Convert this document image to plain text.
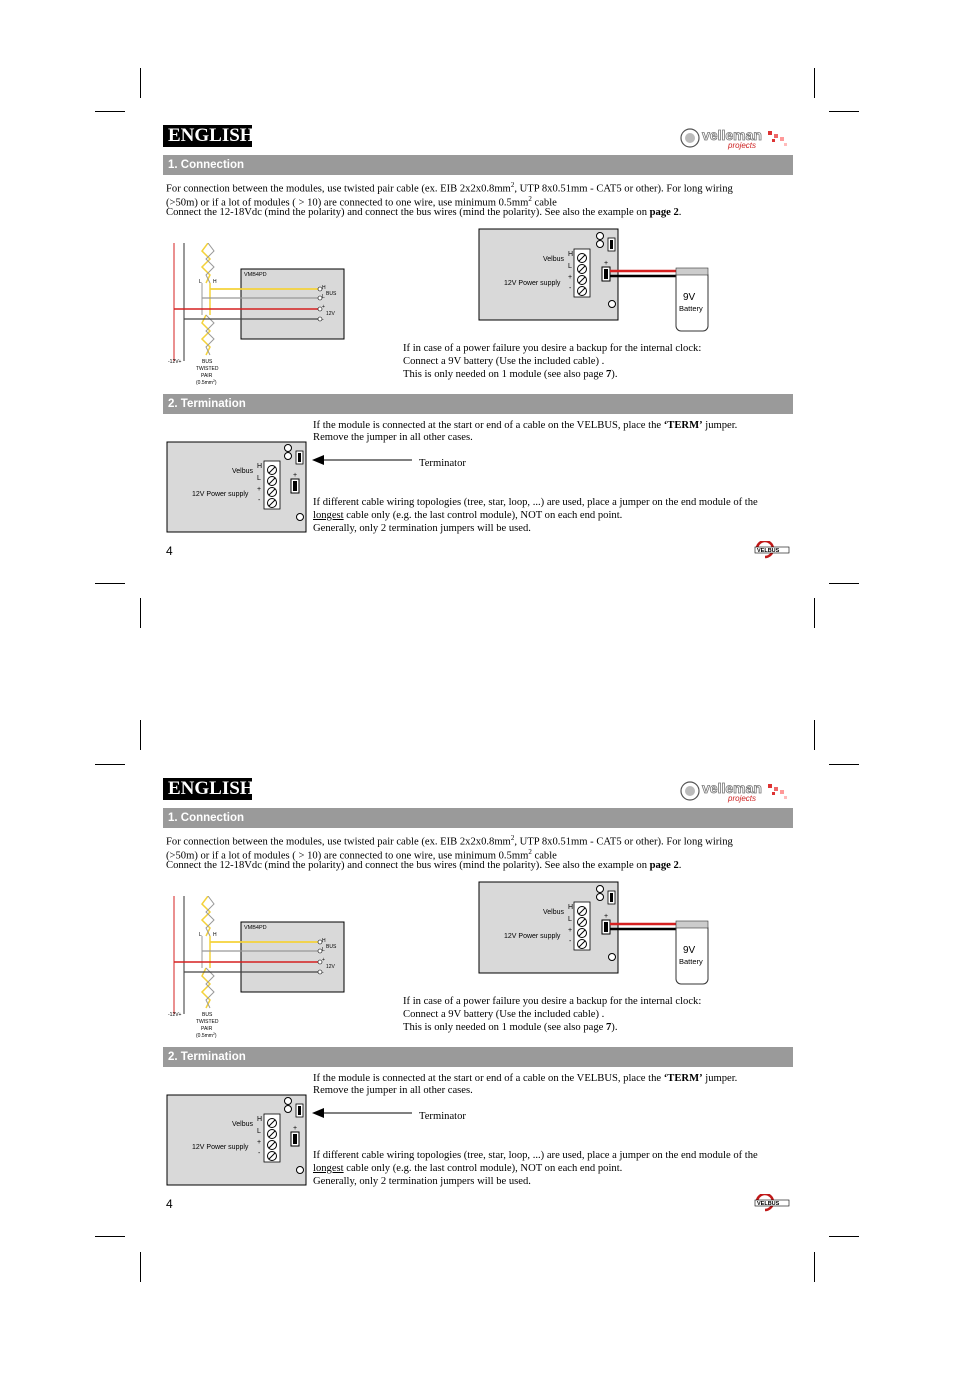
ENGLISH	velleman
projects
1. Connection
For connection between the modules, use twisted pair cable (ex. EIB $2x2x0.8mm^2$, UTP 8x0.51mm - CAT5 or other). For long wiring
(>50m) or if a lot of modules ( > 10) are connected to one wire, use minimum $0.5mm^2$ cable
Connect the 12-18Vdc (mind the polarity) and connect the bus wires (mind the polarity). See also the example on page 2.
VMB4PD
L H
H
L BUS
+
-
12V
-12V+	BUS
TWISTED
PAIR
$(0.5mm^2)$
9V
Battery
Velbus
12V Power supply
H
L
+
-
+
If in case of a power failure you desire a backup for the internal clock:
Connect a 9V battery (Use the included cable) .
This is only needed on 1 module (see also page 7).
2. Termination
If the module is connected at the start or end of a cable on the VELBUS, place the ‘TERM’ jumper.
Remove the jumper in all other cases.
Velbus
12V Power supply
H
L
+
-
+
Terminator
If different cable wiring topologies (tree, star, loop, ...) are used, place a jumper on the end module of the
longest cable only (e.g. the last control module), NOT on each end point.
Generally, only 2 termination jumpers will be used.
4	VELBUS
ENGLISH	velleman
projects
1. Connection
For connection between the modules, use twisted pair cable (ex. EIB $2x2x0.8mm^2$, UTP 8x0.51mm - CAT5 or other). For long wiring
(>50m) or if a lot of modules ( > 10) are connected to one wire, use minimum $0.5mm^2$ cable
Connect the 12-18Vdc (mind the polarity) and connect the bus wires (mind the polarity). See also the example on page 2.
VMB4PD
L H
H
L BUS
+
-
12V
-12V+	BUS
TWISTED
PAIR
$(0.5mm^2)$
9V
Battery
Velbus
12V Power supply
H
L
+
-
+
If in case of a power failure you desire a backup for the internal clock:
Connect a 9V battery (Use the included cable) .
This is only needed on 1 module (see also page 7).
2. Termination
If the module is connected at the start or end of a cable on the VELBUS, place the ‘TERM’ jumper.
Remove the jumper in all other cases.
Velbus
12V Power supply
H
L
+
-
+
Terminator
If different cable wiring topologies (tree, star, loop, ...) are used, place a jumper on the end module of the
longest cable only (e.g. the last control module), NOT on each end point.
Generally, only 2 termination jumpers will be used.
4	VELBUS
